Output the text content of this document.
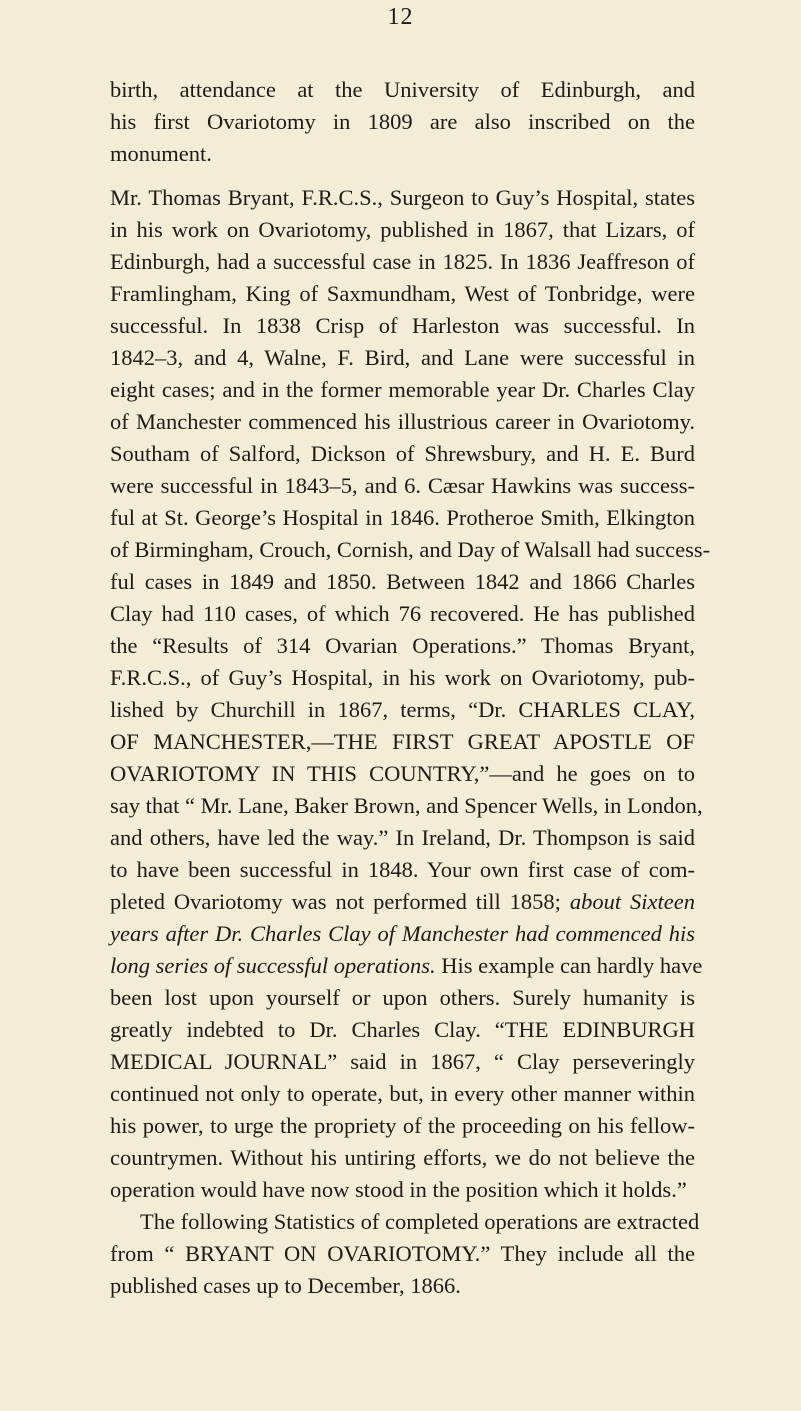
12
birth, attendance at the University of Edinburgh, and
his first Ovariotomy in 1809 are also inscribed on the
monument.
Mr. Thomas Bryant, F.R.C.S., Surgeon to Guy’s Hospital, states
in his work on Ovariotomy, published in 1867, that Lizars, of
Edinburgh, had a successful case in 1825. In 1836 Jeaffreson of
Framlingham, King of Saxmundham, West of Tonbridge, were
successful. In 1838 Crisp of Harleston was successful. In
1842–3, and 4, Walne, F. Bird, and Lane were successful in
eight cases; and in the former memorable year Dr. Charles Clay
of Manchester commenced his illustrious career in Ovariotomy.
Southam of Salford, Dickson of Shrewsbury, and H. E. Burd
were successful in 1843–5, and 6. Cæsar Hawkins was success-
ful at St. George’s Hospital in 1846. Protheroe Smith, Elkington
of Birmingham, Crouch, Cornish, and Day of Walsall had success-
ful cases in 1849 and 1850. Between 1842 and 1866 Charles
Clay had 110 cases, of which 76 recovered. He has published
the “Results of 314 Ovarian Operations.” Thomas Bryant,
F.R.C.S., of Guy’s Hospital, in his work on Ovariotomy, pub-
lished by Churchill in 1867, terms, “Dr. CHARLES CLAY,
OF MANCHESTER,—THE FIRST GREAT APOSTLE OF
OVARIOTOMY IN THIS COUNTRY,”—and he goes on to
say that “ Mr. Lane, Baker Brown, and Spencer Wells, in London,
and others, have led the way.” In Ireland, Dr. Thompson is said
to have been successful in 1848. Your own first case of com-
pleted Ovariotomy was not performed till 1858; about Sixteen
years after Dr. Charles Clay of Manchester had commenced his
long series of successful operations. His example can hardly have
been lost upon yourself or upon others. Surely humanity is
greatly indebted to Dr. Charles Clay. “THE EDINBURGH
MEDICAL JOURNAL” said in 1867, “ Clay perseveringly
continued not only to operate, but, in every other manner within
his power, to urge the propriety of the proceeding on his fellow-
countrymen. Without his untiring efforts, we do not believe the
operation would have now stood in the position which it holds.”
The following Statistics of completed operations are extracted
from “ BRYANT ON OVARIOTOMY.” They include all the
published cases up to December, 1866.
